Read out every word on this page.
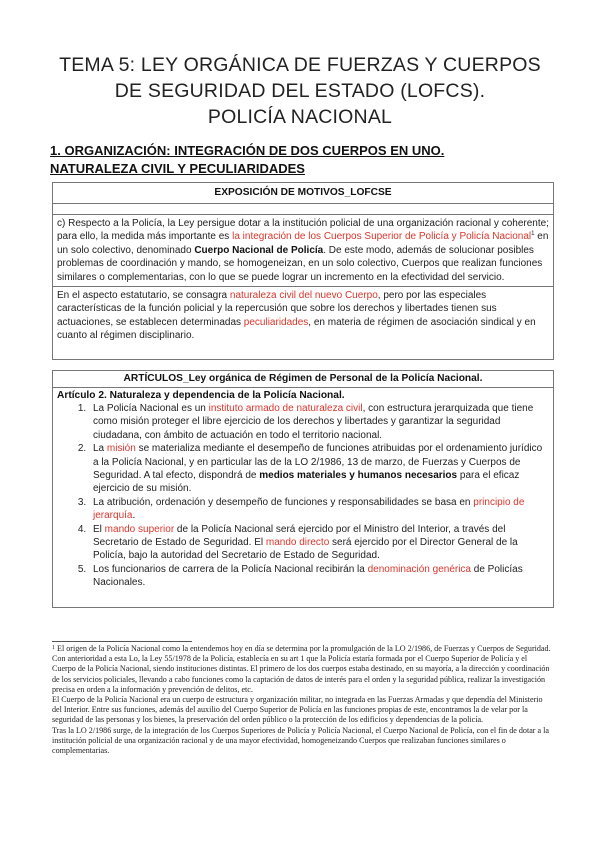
TEMA 5: LEY ORGÁNICA DE FUERZAS Y CUERPOS
DE SEGURIDAD DEL ESTADO (LOFCS).
POLICÍA NACIONAL
1. ORGANIZACIÓN: INTEGRACIÓN DE DOS CUERPOS EN UNO. NATURALEZA CIVIL Y PECULIARIDADES
EXPOSICIÓN DE MOTIVOS_LOFCSE
c) Respecto a la Policía, la Ley persigue dotar a la institución policial de una organización racional y coherente; para ello, la medida más importante es la integración de los Cuerpos Superior de Policía y Policía Nacional$^1$ en un solo colectivo, denominado Cuerpo Nacional de Policía. De este modo, además de solucionar posibles problemas de coordinación y mando, se homogeneizan, en un solo colectivo, Cuerpos que realizan funciones similares o complementarias, con lo que se puede lograr un incremento en la efectividad del servicio.
En el aspecto estatutario, se consagra naturaleza civil del nuevo Cuerpo, pero por las especiales características de la función policial y la repercusión que sobre los derechos y libertades tienen sus actuaciones, se establecen determinadas peculiaridades, en materia de régimen de asociación sindical y en cuanto al régimen disciplinario.
ARTÍCULOS_Ley orgánica de Régimen de Personal de la Policía Nacional.
Artículo 2. Naturaleza y dependencia de la Policía Nacional.
1. La Policía Nacional es un instituto armado de naturaleza civil, con estructura jerarquizada que tiene como misión proteger el libre ejercicio de los derechos y libertades y garantizar la seguridad ciudadana, con ámbito de actuación en todo el territorio nacional.
2. La misión se materializa mediante el desempeño de funciones atribuidas por el ordenamiento jurídico a la Policía Nacional, y en particular las de la LO 2/1986, 13 de marzo, de Fuerzas y Cuerpos de Seguridad. A tal efecto, dispondrá de medios materiales y humanos necesarios para el eficaz ejercicio de su misión.
3. La atribución, ordenación y desempeño de funciones y responsabilidades se basa en principio de jerarquía.
4. El mando superior de la Policía Nacional será ejercido por el Ministro del Interior, a través del Secretario de Estado de Seguridad. El mando directo será ejercido por el Director General de la Policía, bajo la autoridad del Secretario de Estado de Seguridad.
5. Los funcionarios de carrera de la Policía Nacional recibirán la denominación genérica de Policías Nacionales.

$^1$ El origen de la Policía Nacional como la entendemos hoy en día se determina por la promulgación de la LO 2/1986, de Fuerzas y Cuerpos de Seguridad. Con anterioridad a esta Lo, la Ley 55/1978 de la Policía, establecía en su art 1 que la Policía estaría formada por el Cuerpo Superior de Policía y el Cuerpo de la Policía Nacional, siendo instituciones distintas. El primero de los dos cuerpos estaba destinado, en su mayoría, a la dirección y coordinación de los servicios policiales, llevando a cabo funciones como la captación de datos de interés para el orden y la seguridad pública, realizar la investigación precisa en orden a la información y prevención de delitos, etc.

El Cuerpo de la Policía Nacional era un cuerpo de estructura y organización militar, no integrada en las Fuerzas Armadas y que dependía del Ministerio del Interior. Entre sus funciones, además del auxilio del Cuerpo Superior de Policía en las funciones propias de este, encontramos la de velar por la seguridad de las personas y los bienes, la preservación del orden público o la protección de los edificios y dependencias de la policía.

Tras la LO 2/1986 surge, de la integración de los Cuerpos Superiores de Policía y Policía Nacional, el Cuerpo Nacional de Policía, con el fin de dotar a la institución policial de una organización racional y de una mayor efectividad, homogeneizando Cuerpos que realizaban funciones similares o complementarias.
